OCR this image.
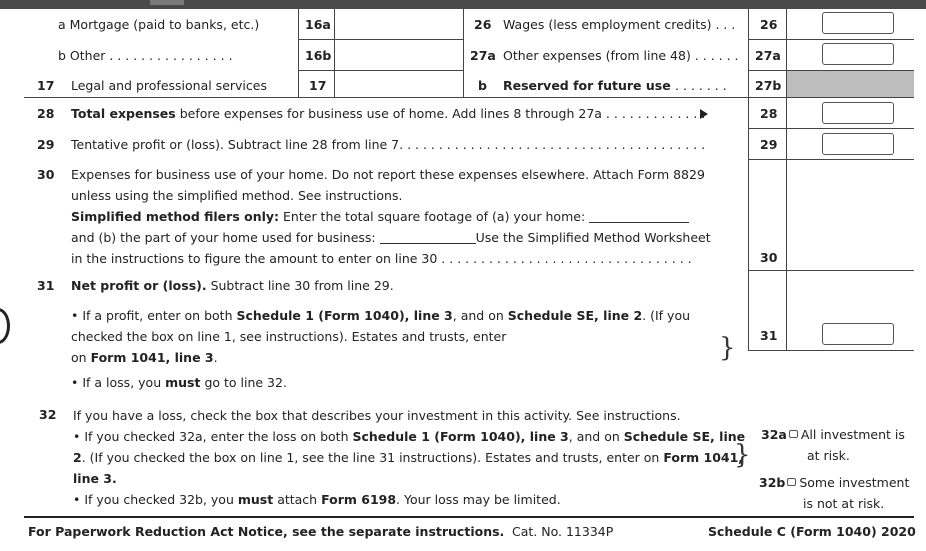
a Mortgage (paid to banks, etc.)	16a
b Other . . . . . . . . . . . . . . . .	16b
17 Legal and professional services	17
26 Wages (less employment credits) . . . 26
27a Other expenses (from line 48) . . . . . . 27a
b Reserved for future use . . . . . . . 27b
28 Total expenses before expenses for business use of home. Add lines 8 through 27a . . . . . . . . . . . . .	28
29 Tentative profit or (loss). Subtract line 28 from line 7. . . . . . . . . . . . . . . . . . . . . . . . . . . . . . . . . . . . . . .	29
30 Expenses for business use of your home. Do not report these expenses elsewhere. Attach Form 8829
unless using the simplified method. See instructions.
Simplified method filers only: Enter the total square footage of (a) your home:
and (b) the part of your home used for business:	Use the Simplified Method Worksheet
in the instructions to figure the amount to enter on line 30 . . . . . . . . . . . . . . . . . . . . . . . . . . . . . . . .	30
31 Net profit or (loss). Subtract line 30 from line 29.
• If a profit, enter on both Schedule 1 (Form 1040), line 3, and on Schedule SE, line 2. (If you
checked the box on line 1, see instructions). Estates and trusts, enter
on Form 1041, line 3.
• If a loss, you must go to line 32.
} 31
32 If you have a loss, check the box that describes your investment in this activity. See instructions.
• If you checked 32a, enter the loss on both Schedule 1 (Form 1040), line 3, and on Schedule SE, line
2. (If you checked the box on line 1, see the line 31 instructions). Estates and trusts, enter on Form 1041,
line 3.
• If you checked 32b, you must attach Form 6198. Your loss may be limited.
}
32a All investment is
at risk.
32b Some investment
is not at risk.
For Paperwork Reduction Act Notice, see the separate instructions. Cat. No. 11334P	Schedule C (Form 1040) 2020
